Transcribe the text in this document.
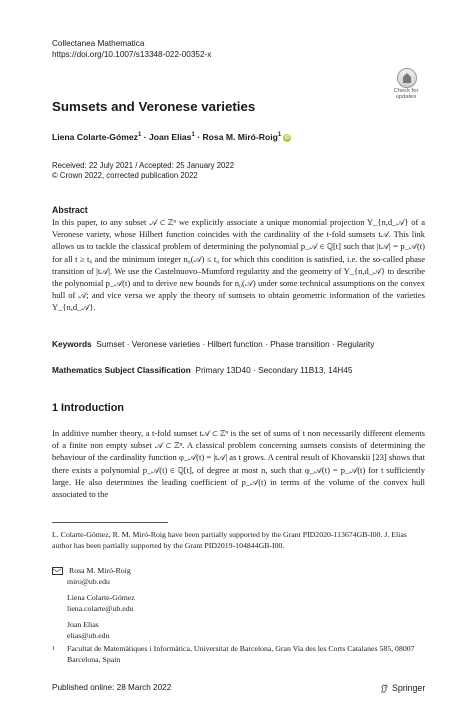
Collectanea Mathematica
https://doi.org/10.1007/s13348-022-00352-x
Check for
updates
Sumsets and Veronese varieties
Liena Colarte-Gómez$^1$ · Joan Elias$^1$ · Rosa M. Miró-Roig$^1$ iD
Received: 22 July 2021 / Accepted: 25 January 2022
© Crown 2022, corrected publication 2022
Abstract
In this paper, to any subset 𝒜 ⊂ ℤⁿ we explicitly associate a unique monomial projection Y_{n,d_𝒜} of a Veronese variety, whose Hilbert function coincides with the cardinality of the t-fold sumsets t𝒜. This link allows us to tackle the classical problem of determining the polynomial p_𝒜 ∈ ℚ[t] such that |t𝒜| = p_𝒜(t) for all t ≥ t₀ and the minimum integer n₀(𝒜) ≤ t₀ for which this condition is satisfied, i.e. the so-called phase transition of |t𝒜|. We use the Castelnuovo–Mumford regularity and the geometry of Y_{n,d_𝒜} to describe the polynomial p_𝒜(t) and to derive new bounds for n₀(𝒜) under some technical assumptions on the convex hull of 𝒜; and vice versa we apply the theory of sumsets to obtain geometric information of the varieties Y_{n,d_𝒜}.
Keywords Sumset · Veronese varieties · Hilbert function · Phase transition · Regularity
Mathematics Subject Classification Primary 13D40 · Secondary 11B13, 14H45
1 Introduction
In additive number theory, a t-fold sumset t𝒜 ⊂ ℤⁿ is the set of sums of t non necessarily different elements of a finite non empty subset 𝒜 ⊂ ℤⁿ. A classical problem concerning sumsets consists of determining the behaviour of the cardinality function φ_𝒜(t) = |t𝒜| as t grows. A central result of Khovanskii [23] shows that there exists a polynomial p_𝒜(t) ∈ ℚ[t], of degree at most n, such that φ_𝒜(t) = p_𝒜(t) for t sufficiently large. He also determines the leading coefficient of p_𝒜(t) in terms of the volume of the convex hull associated to the
L. Colarte-Gómez, R. M. Miró-Roig have been partially supported by the Grant PID2020-113674GB-I00. J. Elias author has been partially supported by the Grant PID2019-104844GB-I00.
Rosa M. Miró-Roig
miro@ub.edu
Liena Colarte-Gómez
liena.colarte@ub.edu
Joan Elias
elias@ub.edu
1	Facultat de Matemàtiques i Informàtica, Universitat de Barcelona, Gran Via des les Corts Catalanes 585, 08007 Barcelona, Spain
Published online: 28 March 2022	Springer
